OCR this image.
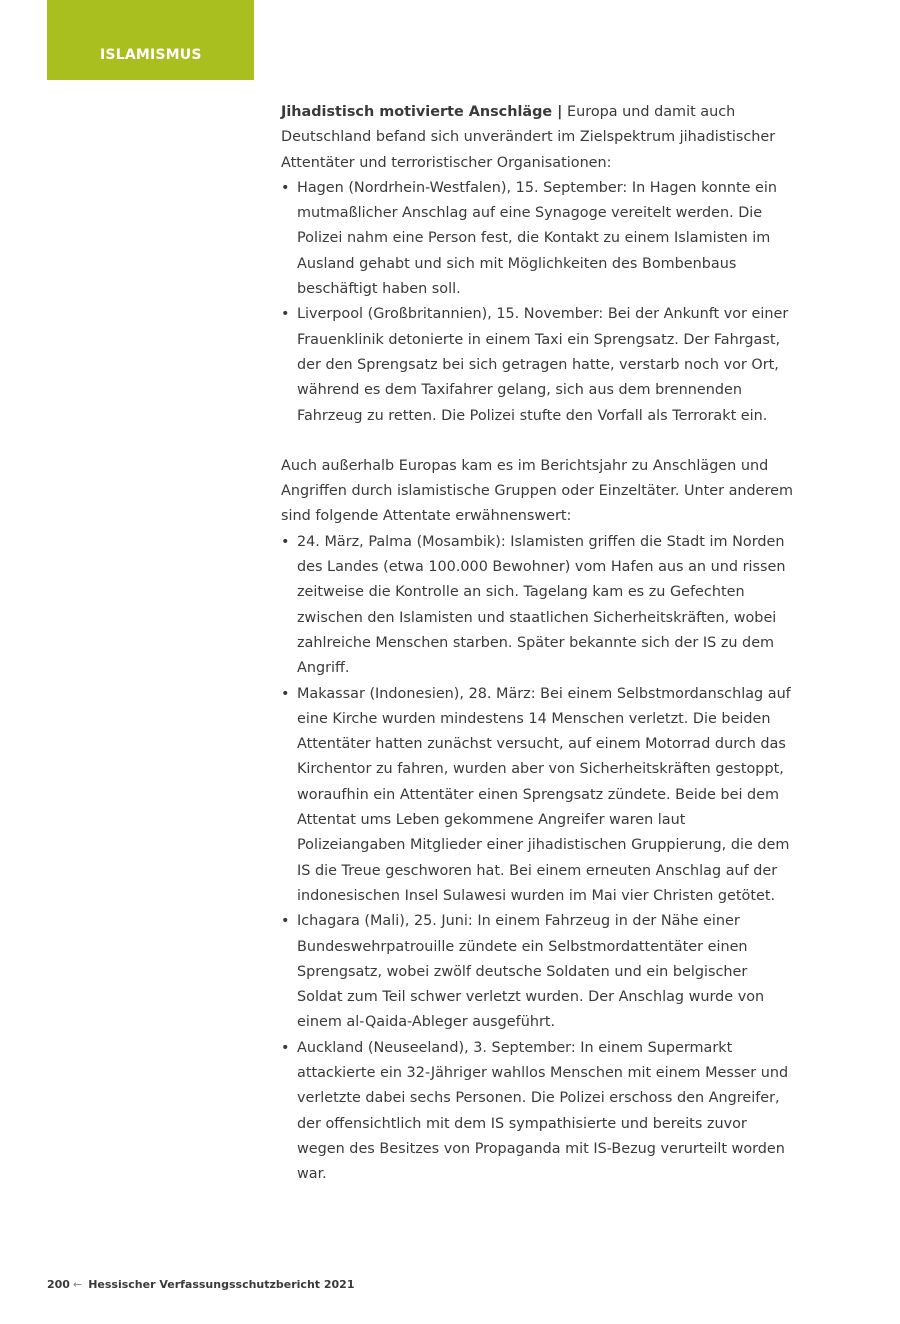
ISLAMISMUS

Jihadistisch motivierte Anschläge | Europa und damit auch Deutschland befand sich unverändert im Zielspektrum jihadistischer Attentäter und terroristischer Organisationen:

• Hagen (Nordrhein-Westfalen), 15. September: In Hagen konnte ein mutmaßlicher Anschlag auf eine Synagoge vereitelt werden. Die Polizei nahm eine Person fest, die Kontakt zu einem Islamisten im Ausland gehabt und sich mit Möglichkeiten des Bombenbaus beschäftigt haben soll.
• Liverpool (Großbritannien), 15. November: Bei der Ankunft vor einer Frauenklinik detonierte in einem Taxi ein Sprengsatz. Der Fahrgast, der den Sprengsatz bei sich getragen hatte, verstarb noch vor Ort, während es dem Taxifahrer gelang, sich aus dem brennenden Fahrzeug zu retten. Die Polizei stufte den Vorfall als Terrorakt ein.

Auch außerhalb Europas kam es im Berichtsjahr zu Anschlägen und Angriffen durch islamistische Gruppen oder Einzeltäter. Unter anderem sind folgende Attentate erwähnenswert:

• 24. März, Palma (Mosambik): Islamisten griffen die Stadt im Norden des Landes (etwa 100.000 Bewohner) vom Hafen aus an und rissen zeitweise die Kontrolle an sich. Tagelang kam es zu Gefechten zwischen den Islamisten und staatlichen Sicherheitskräften, wobei zahlreiche Menschen starben. Später bekannte sich der IS zu dem Angriff.
• Makassar (Indonesien), 28. März: Bei einem Selbstmordanschlag auf eine Kirche wurden mindestens 14 Menschen verletzt. Die beiden Attentäter hatten zunächst versucht, auf einem Motorrad durch das Kirchentor zu fahren, wurden aber von Sicherheitskräften gestoppt, woraufhin ein Attentäter einen Sprengsatz zündete. Beide bei dem Attentat ums Leben gekommene Angreifer waren laut Polizeiangaben Mitglieder einer jihadistischen Gruppierung, die dem IS die Treue geschworen hat. Bei einem erneuten Anschlag auf der indonesischen Insel Sulawesi wurden im Mai vier Christen getötet.
• Ichagara (Mali), 25. Juni: In einem Fahrzeug in der Nähe einer Bundeswehrpatrouille zündete ein Selbstmordattentäter einen Sprengsatz, wobei zwölf deutsche Soldaten und ein belgischer Soldat zum Teil schwer verletzt wurden. Der Anschlag wurde von einem al-Qaida-Ableger ausgeführt.
• Auckland (Neuseeland), 3. September: In einem Supermarkt attackierte ein 32-Jähriger wahllos Menschen mit einem Messer und verletzte dabei sechs Personen. Die Polizei erschoss den Angreifer, der offensichtlich mit dem IS sympathisierte und bereits zuvor wegen des Besitzes von Propaganda mit IS-Bezug verurteilt worden war.
200 ← Hessischer Verfassungsschutzbericht 2021
